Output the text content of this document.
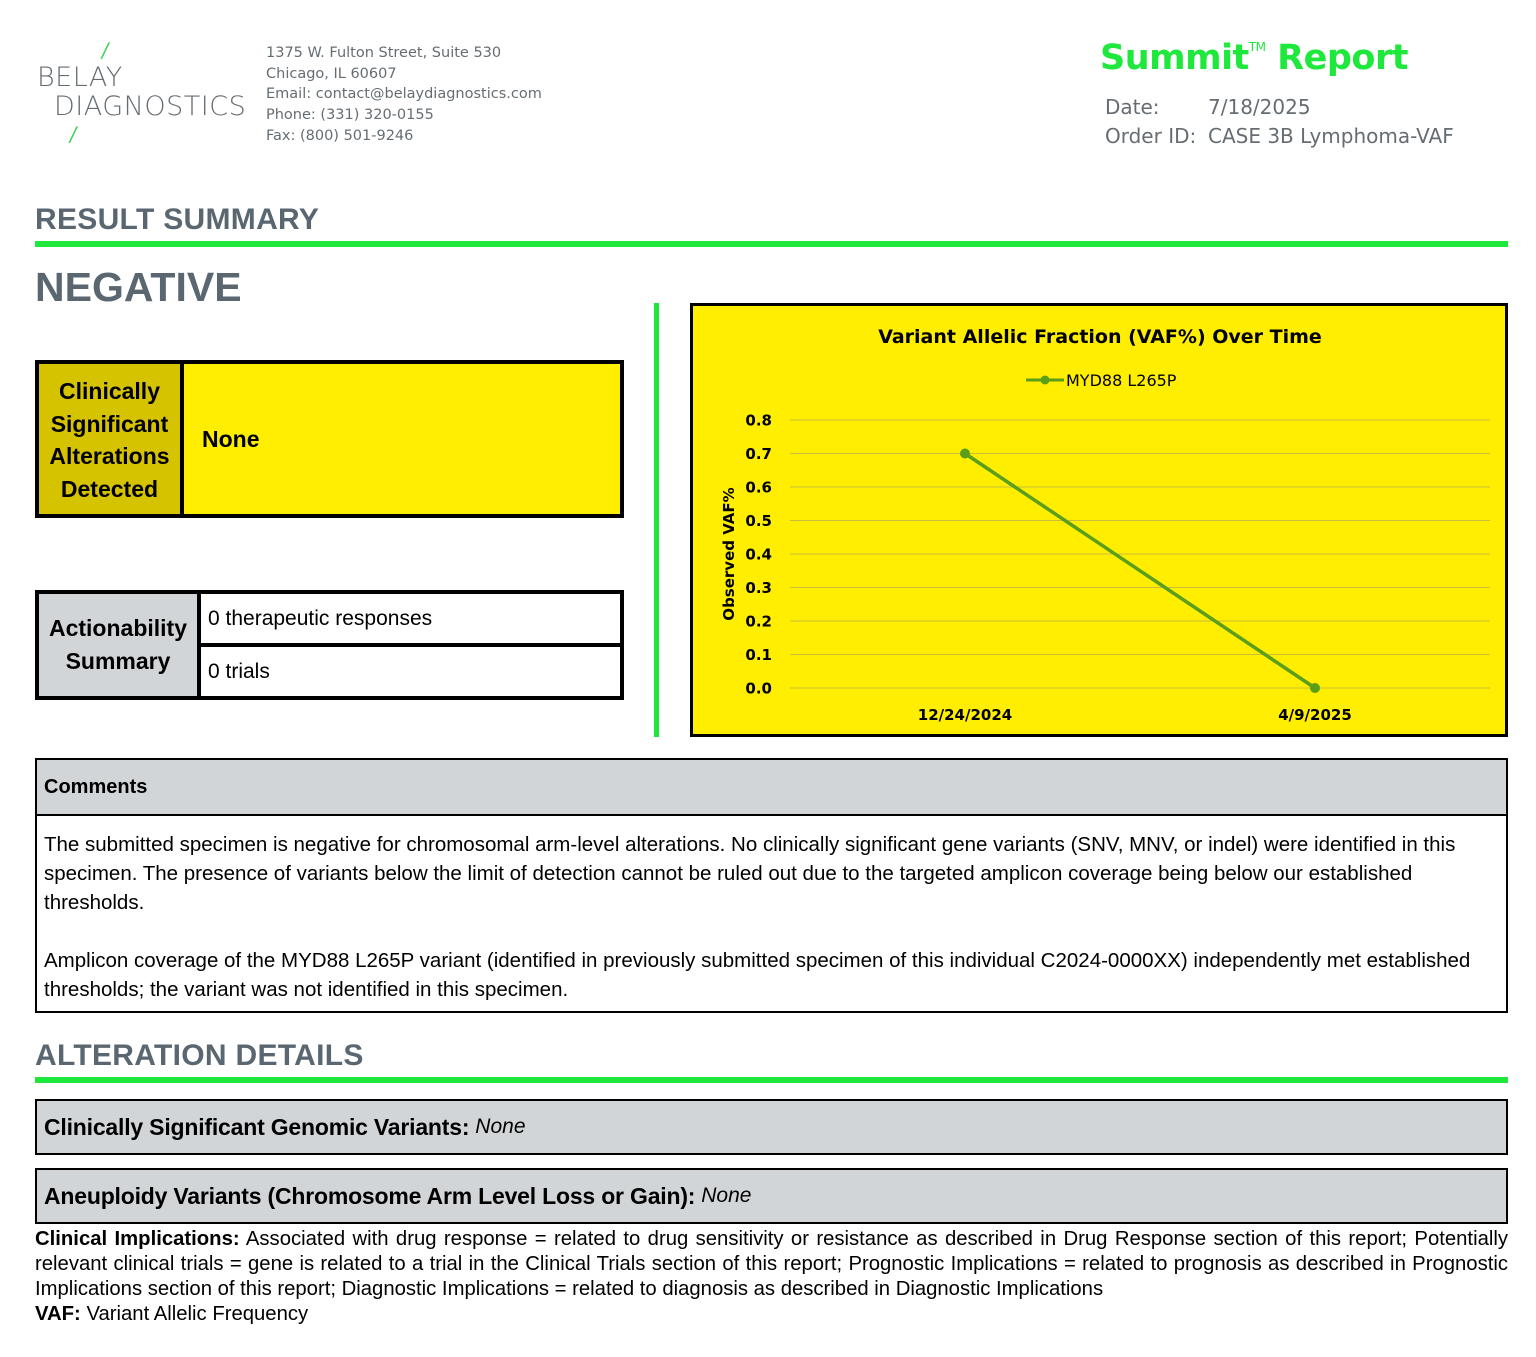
/
BELAY
DIAGNOSTICS
/
1375 W. Fulton Street, Suite 530
Chicago, IL 60607
Email: contact@belaydiagnostics.com
Phone: (331) 320-0155
Fax: (800) 501-9246
Summit™ Report
Date:	7/18/2025
Order ID: CASE 3B Lymphoma-VAF
RESULT SUMMARY
NEGATIVE
Clinically
Significant
Alterations
Detected
None
Actionability
Summary
0 therapeutic responses
0 trials
Variant Allelic Fraction (VAF%) Over Time
MYD88 L265P
0.0
0.1
0.2
0.3
0.4
0.5
0.6
0.7
0.8
Observed VAF%
12/24/2024	4/9/2025
Comments

The submitted specimen is negative for chromosomal arm-level alterations. No clinically significant gene variants (SNV, MNV, or indel) were identified in this specimen. The presence of variants below the limit of detection cannot be ruled out due to the targeted amplicon coverage being below our established thresholds.

Amplicon coverage of the MYD88 L265P variant (identified in previously submitted specimen of this individual C2024-0000XX) independently met established thresholds; the variant was not identified in this specimen.

ALTERATION DETAILS
Clinically Significant Genomic Variants: None
Aneuploidy Variants (Chromosome Arm Level Loss or Gain): None
Clinical Implications: Associated with drug response = related to drug sensitivity or resistance as described in Drug Response section of this report; Potentially relevant clinical trials = gene is related to a trial in the Clinical Trials section of this report; Prognostic Implications = related to prognosis as described in Prognostic Implications section of this report; Diagnostic Implications = related to diagnosis as described in Diagnostic Implications
VAF: Variant Allelic Frequency
